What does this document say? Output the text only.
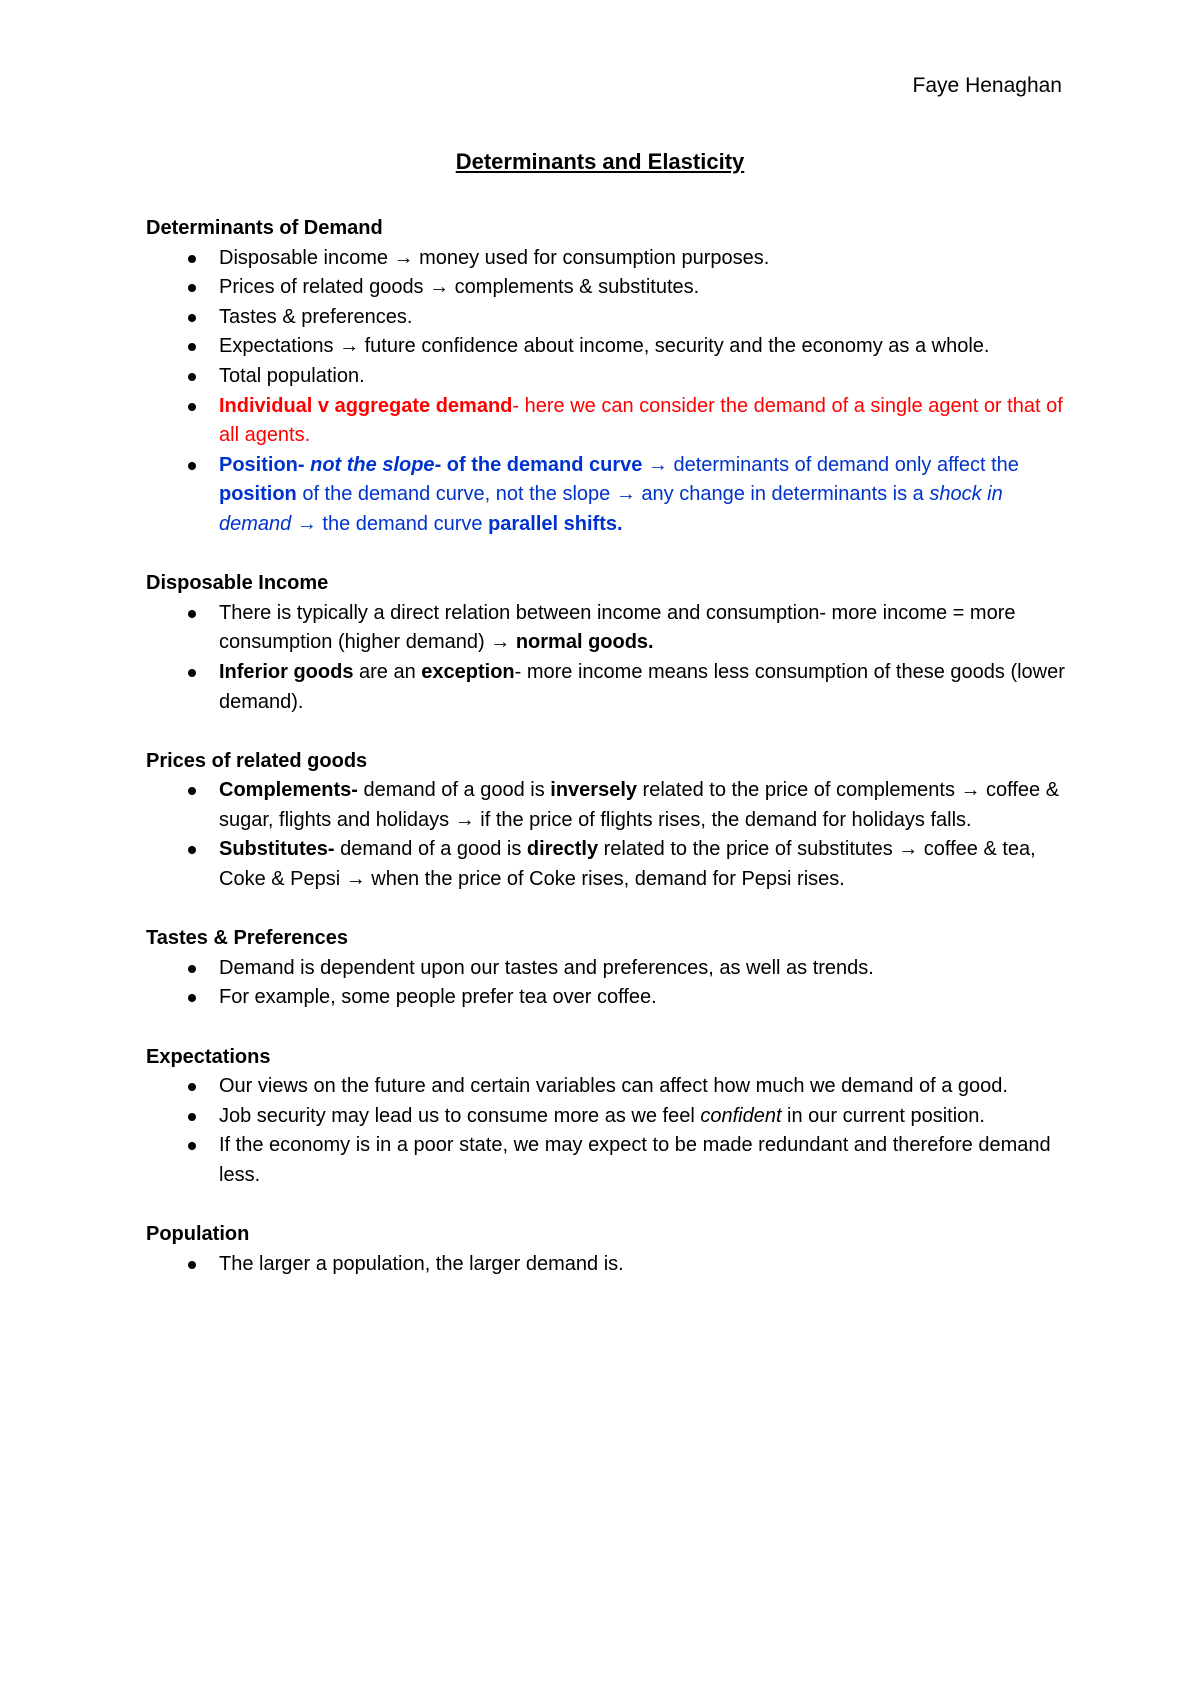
Faye Henaghan
Determinants and Elasticity
Determinants of Demand
Disposable income → money used for consumption purposes.
Prices of related goods → complements & substitutes.
Tastes & preferences.
Expectations → future confidence about income, security and the economy as a whole.
Total population.
Individual v aggregate demand- here we can consider the demand of a single agent or that of all agents.
Position- not the slope- of the demand curve → determinants of demand only affect the position of the demand curve, not the slope → any change in determinants is a shock in demand → the demand curve parallel shifts.
Disposable Income
There is typically a direct relation between income and consumption- more income = more consumption (higher demand) → normal goods.
Inferior goods are an exception- more income means less consumption of these goods (lower demand).
Prices of related goods
Complements- demand of a good is inversely related to the price of complements → coffee & sugar, flights and holidays → if the price of flights rises, the demand for holidays falls.
Substitutes- demand of a good is directly related to the price of substitutes → coffee & tea, Coke & Pepsi → when the price of Coke rises, demand for Pepsi rises.
Tastes & Preferences
Demand is dependent upon our tastes and preferences, as well as trends.
For example, some people prefer tea over coffee.
Expectations
Our views on the future and certain variables can affect how much we demand of a good.
Job security may lead us to consume more as we feel confident in our current position.
If the economy is in a poor state, we may expect to be made redundant and therefore demand less.
Population
The larger a population, the larger demand is.
